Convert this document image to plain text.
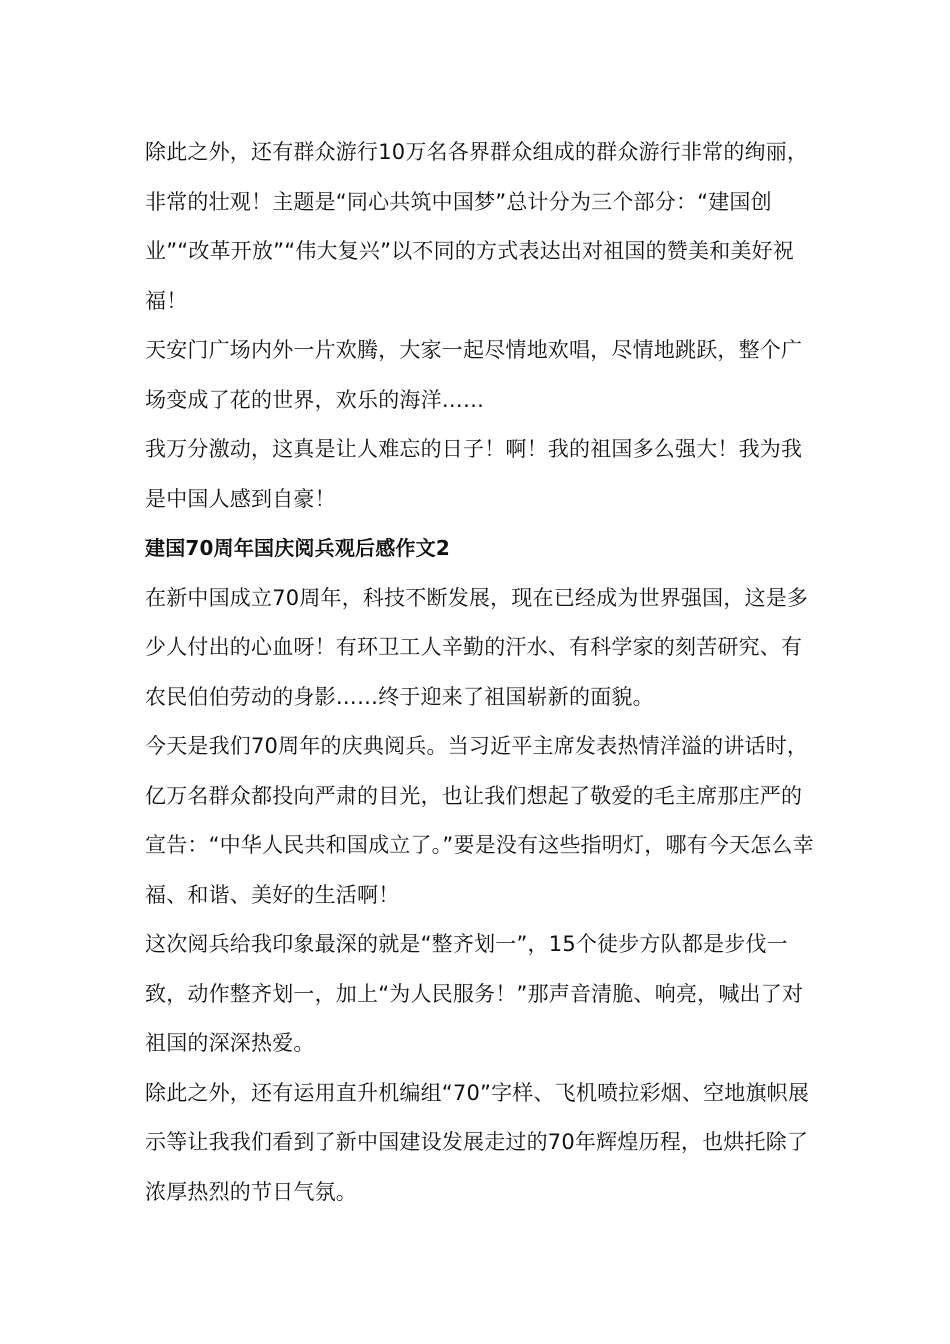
除此之外，还有群众游行10万名各界群众组成的群众游行非常的绚丽，非常的壮观！主题是“同心共筑中国梦”总计分为三个部分：“建国创业”“改革开放”“伟大复兴”以不同的方式表达出对祖国的赞美和美好祝福！

天安门广场内外一片欢腾，大家一起尽情地欢唱，尽情地跳跃，整个广场变成了花的世界，欢乐的海洋……

我万分激动，这真是让人难忘的日子！啊！我的祖国多么强大！我为我是中国人感到自豪！

建国70周年国庆阅兵观后感作文2

在新中国成立70周年，科技不断发展，现在已经成为世界强国，这是多少人付出的心血呀！有环卫工人辛勤的汗水、有科学家的刻苦研究、有农民伯伯劳动的身影……终于迎来了祖国崭新的面貌。

今天是我们70周年的庆典阅兵。当习近平主席发表热情洋溢的讲话时，亿万名群众都投向严肃的目光，也让我们想起了敬爱的毛主席那庄严的宣告：“中华人民共和国成立了。”要是没有这些指明灯，哪有今天怎么幸福、和谐、美好的生活啊！

这次阅兵给我印象最深的就是“整齐划一”，15个徒步方队都是步伐一致，动作整齐划一，加上“为人民服务！”那声音清脆、响亮，喊出了对祖国的深深热爱。

除此之外，还有运用直升机编组“70”字样、飞机喷拉彩烟、空地旗帜展示等让我我们看到了新中国建设发展走过的70年辉煌历程，也烘托除了浓厚热烈的节日气氛。
